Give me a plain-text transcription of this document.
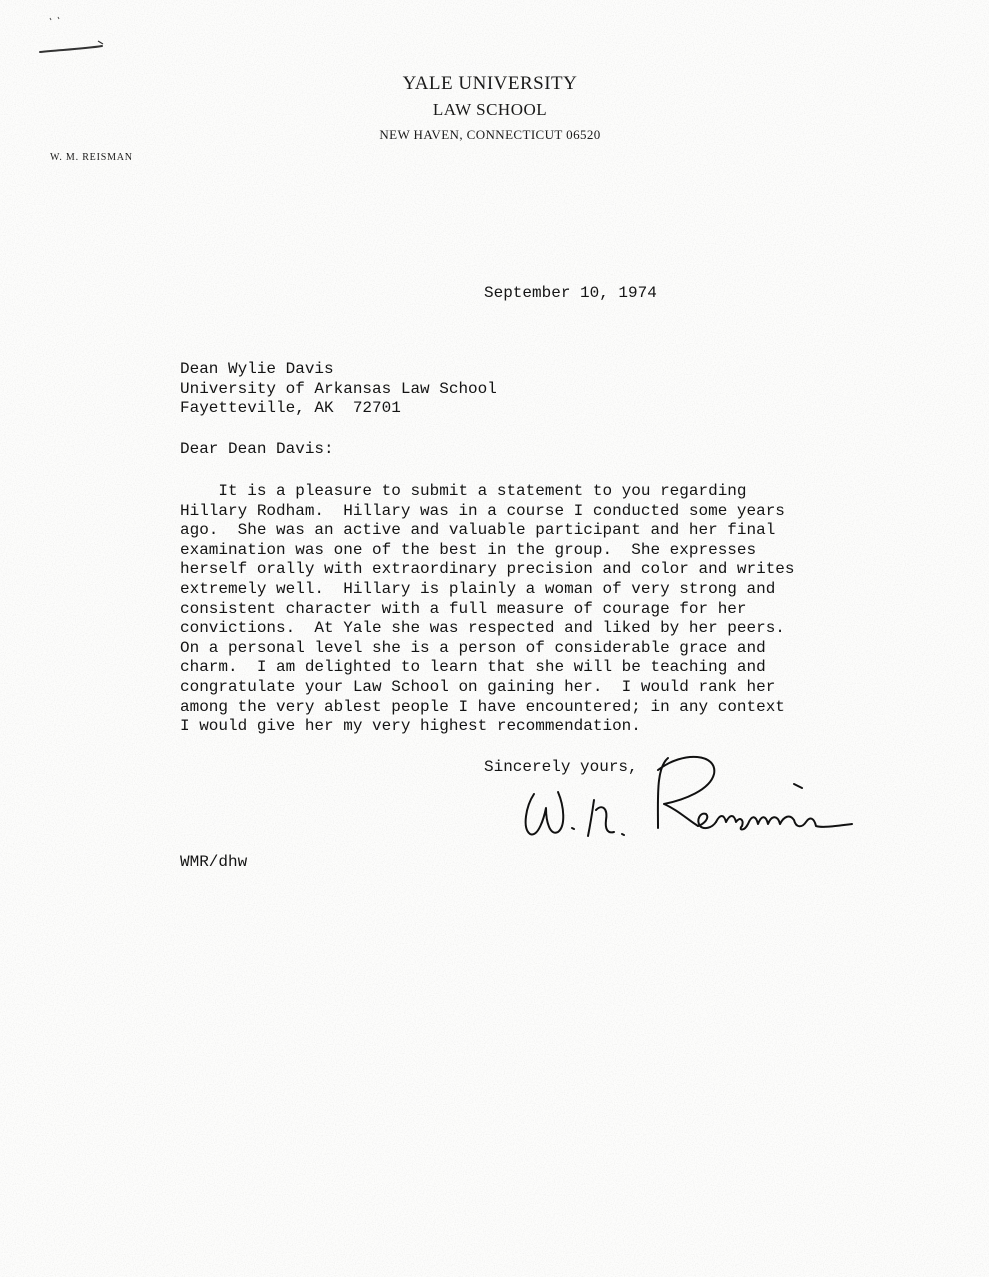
YALE UNIVERSITY
LAW SCHOOL
NEW HAVEN, CONNECTICUT 06520
W. M. REISMAN
September 10, 1974
Dean Wylie Davis
University of Arkansas Law School
Fayetteville, AK  72701
Dear Dean Davis:
It is a pleasure to submit a statement to you regarding
Hillary Rodham.  Hillary was in a course I conducted some years
ago.  She was an active and valuable participant and her final
examination was one of the best in the group.  She expresses
herself orally with extraordinary precision and color and writes
extremely well.  Hillary is plainly a woman of very strong and
consistent character with a full measure of courage for her
convictions.  At Yale she was respected and liked by her peers.
On a personal level she is a person of considerable grace and
charm.  I am delighted to learn that she will be teaching and
congratulate your Law School on gaining her.  I would rank her
among the very ablest people I have encountered; in any context
I would give her my very highest recommendation.
Sincerely yours,
WMR/dhw
